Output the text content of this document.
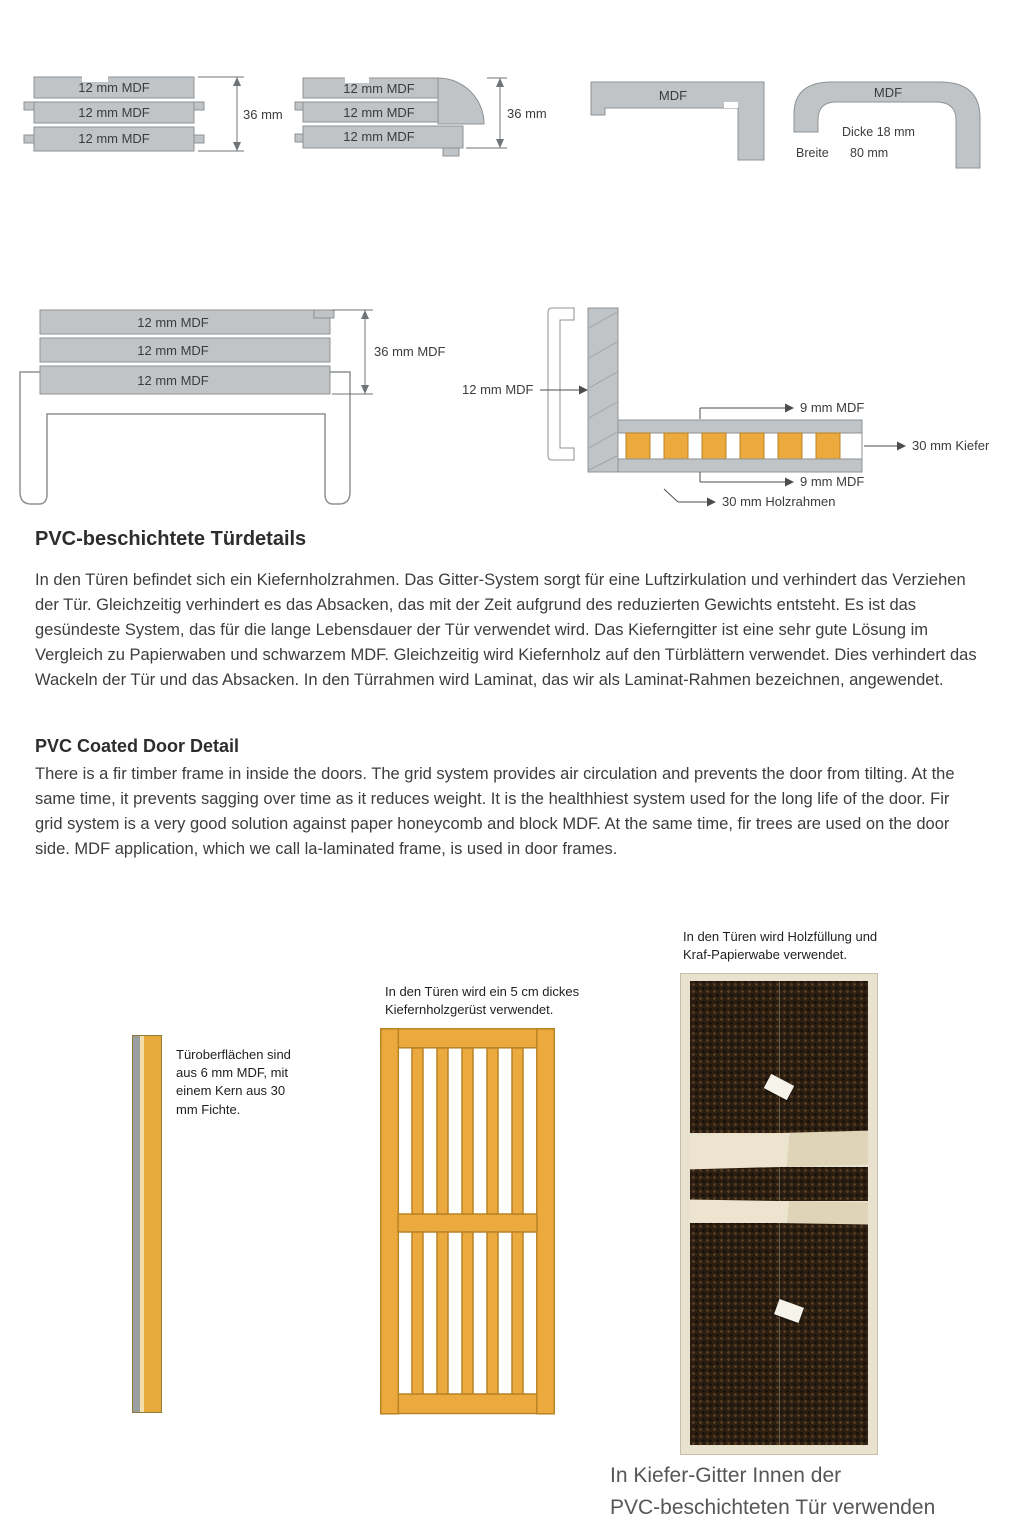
12 mm MDF
12 mm MDF
12 mm MDF
36 mm
12 mm MDF
12 mm MDF
12 mm MDF
36 mm
MDF	MDF
Dicke 18 mm
Breite 80 mm
12 mm MDF
12 mm MDF
12 mm MDF
36 mm MDF
12 mm MDF
9 mm MDF
30 mm Kiefer
9 mm MDF
30 mm Holzrahmen
PVC-beschichtete Türdetails

In den Türen befindet sich ein Kiefernholzrahmen. Das Gitter-System sorgt für eine Luftzirkulation und verhindert das Verziehen der Tür. Gleichzeitig verhindert es das Absacken, das mit der Zeit aufgrund des reduzierten Gewichts entsteht. Es ist das gesündeste System, das für die lange Lebensdauer der Tür verwendet wird. Das Kieferngitter ist eine sehr gute Lösung im Vergleich zu Papierwaben und schwarzem MDF. Gleichzeitig wird Kiefernholz auf den Türblättern verwendet. Dies verhindert das Wackeln der Tür und das Absacken. In den Türrahmen wird Laminat, das wir als Laminat-Rahmen bezeichnen, angewendet.

PVC Coated Door Detail

There is a fir timber frame in inside the doors. The grid system provides air circulation and prevents the door from tilting. At the same time, it prevents sagging over time as it reduces weight. It is the healthhiest system used for the long life of the door. Fir grid system is a very good solution against paper honeycomb and block MDF. At the same time, fir trees are used on the door side. MDF application, which we call la-laminated frame, is used in door frames.

In den Türen wird Holzfüllung und Kraf-Papierwabe verwendet.
In den Türen wird ein 5 cm dickes Kiefernholzgerüst verwendet.
Türoberflächen sind aus 6 mm MDF, mit einem Kern aus 30 mm Fichte.
In Kiefer-Gitter Innen der
PVC-beschichteten Tür verwenden
